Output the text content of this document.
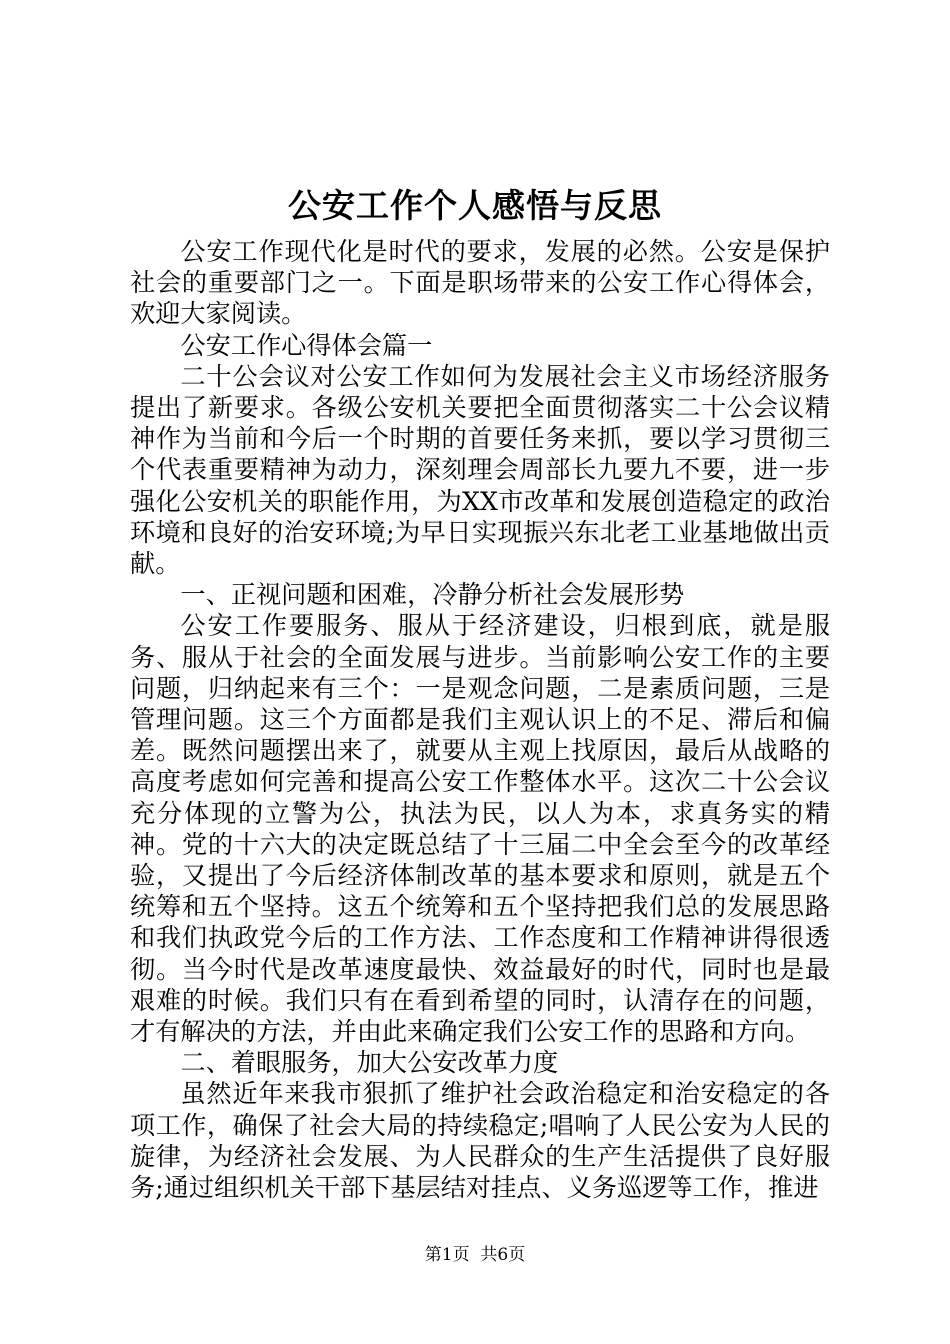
公安工作个人感悟与反思

公安工作现代化是时代的要求，发展的必然。公安是保护社会的重要部门之一。下面是职场带来的公安工作心得体会，欢迎大家阅读。

公安工作心得体会篇一

二十公会议对公安工作如何为发展社会主义市场经济服务提出了新要求。各级公安机关要把全面贯彻落实二十公会议精神作为当前和今后一个时期的首要任务来抓，要以学习贯彻三个代表重要精神为动力，深刻理会周部长九要九不要，进一步强化公安机关的职能作用，为XX市改革和发展创造稳定的政治环境和良好的治安环境;为早日实现振兴东北老工业基地做出贡献。

一、正视问题和困难，冷静分析社会发展形势

公安工作要服务、服从于经济建设，归根到底，就是服务、服从于社会的全面发展与进步。当前影响公安工作的主要问题，归纳起来有三个：一是观念问题，二是素质问题，三是管理问题。这三个方面都是我们主观认识上的不足、滞后和偏差。既然问题摆出来了，就要从主观上找原因，最后从战略的高度考虑如何完善和提高公安工作整体水平。这次二十公会议充分体现的立警为公，执法为民，以人为本，求真务实的精神。党的十六大的决定既总结了十三届二中全会至今的改革经验，又提出了今后经济体制改革的基本要求和原则，就是五个统筹和五个坚持。这五个统筹和五个坚持把我们总的发展思路和我们执政党今后的工作方法、工作态度和工作精神讲得很透彻。当今时代是改革速度最快、效益最好的时代，同时也是最艰难的时候。我们只有在看到希望的同时，认清存在的问题，才有解决的方法，并由此来确定我们公安工作的思路和方向。

二、着眼服务，加大公安改革力度

虽然近年来我市狠抓了维护社会政治稳定和治安稳定的各项工作，确保了社会大局的持续稳定;唱响了人民公安为人民的旋律，为经济社会发展、为人民群众的生产生活提供了良好服务;通过组织机关干部下基层结对挂点、义务巡逻等工作，推进

第1页  共6页
